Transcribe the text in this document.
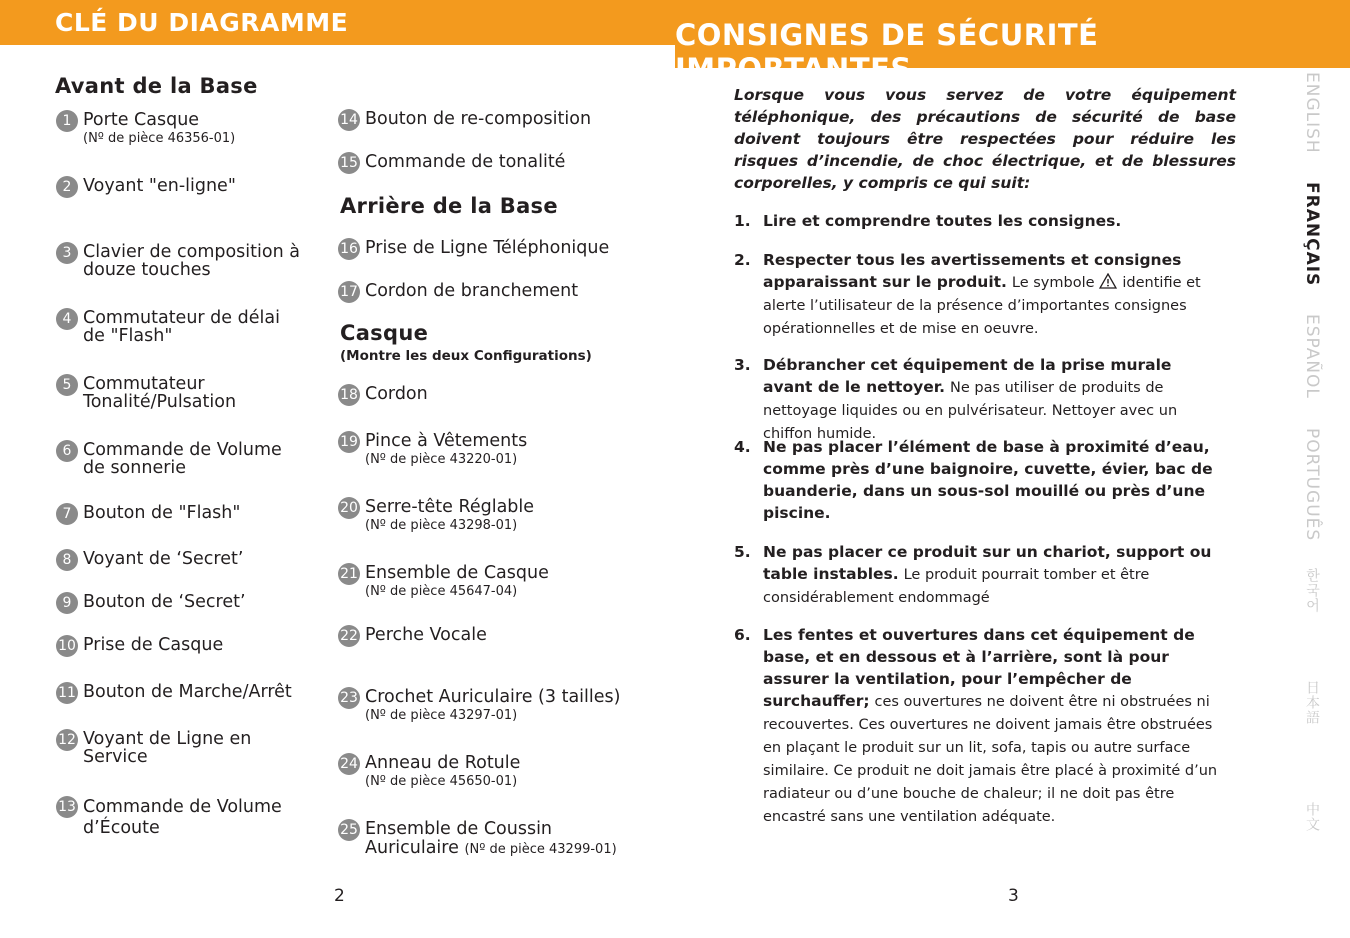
CLÉ DU DIAGRAMME	CONSIGNES DE SÉCURITÉ IMPORTANTES
Avant de la Base
Arrière de la Base
Casque
(Montre les deux Configurations)
1 Porte Casque
(Nº de pièce 46356-01)
2 Voyant "en-ligne"
3 Clavier de composition à douze touches
4 Commutateur de délai de "Flash"
5 Commutateur Tonalité/Pulsation
6 Commande de Volume de sonnerie
7 Bouton de "Flash"
8 Voyant de ‘Secret’
9 Bouton de ‘Secret’
10 Prise de Casque
11 Bouton de Marche/Arrêt
12 Voyant de Ligne en Service
13 Commande de Volume d’Écoute
14 Bouton de re-composition
15 Commande de tonalité
16 Prise de Ligne Téléphonique
17 Cordon de branchement
18 Cordon
19 Pince à Vêtements
(Nº de pièce 43220-01)
20 Serre-tête Réglable
(Nº de pièce 43298-01)
21 Ensemble de Casque
(Nº de pièce 45647-04)
22 Perche Vocale
23 Crochet Auriculaire (3 tailles)
(Nº de pièce 43297-01)
24 Anneau de Rotule
(Nº de pièce 45650-01)
25 Ensemble de Coussin Auriculaire (Nº de pièce 43299-01)
Lorsque vous vous servez de votre équipement téléphonique, des précautions de sécurité de base doivent toujours être respectées pour réduire les risques d’incendie, de choc électrique, et de blessures corporelles, y compris ce qui suit:
1. Lire et comprendre toutes les consignes.
2. Respecter tous les avertissements et consignes apparaissant sur le produit. Le symbole identifie et alerte l’utilisateur de la présence d’importantes consignes opérationnelles et de mise en oeuvre.
3. Débrancher cet équipement de la prise murale avant de le nettoyer. Ne pas utiliser de produits de nettoyage liquides ou en pulvérisateur. Nettoyer avec un chiffon humide.
4. Ne pas placer l’élément de base à proximité d’eau, comme près d’une baignoire, cuvette, évier, bac de buanderie, dans un sous-sol mouillé ou près d’une piscine.
5. Ne pas placer ce produit sur un chariot, support ou table instables. Le produit pourrait tomber et être considérablement endommagé
6. Les fentes et ouvertures dans cet équipement de base, et en dessous et à l’arrière, sont là pour assurer la ventilation, pour l’empêcher de surchauffer; ces ouvertures ne doivent être ni obstruées ni recouvertes. Ces ouvertures ne doivent jamais être obstruées en plaçant le produit sur un lit, sofa, tapis ou autre surface similaire. Ce produit ne doit jamais être placé à proximité d’un radiateur ou d’une bouche de chaleur; il ne doit pas être encastré sans une ventilation adéquate.
ENGLISH
FRANÇAIS
ESPAÑOL
PORTUGUÊS
한국어
日本語
中文
2	3
